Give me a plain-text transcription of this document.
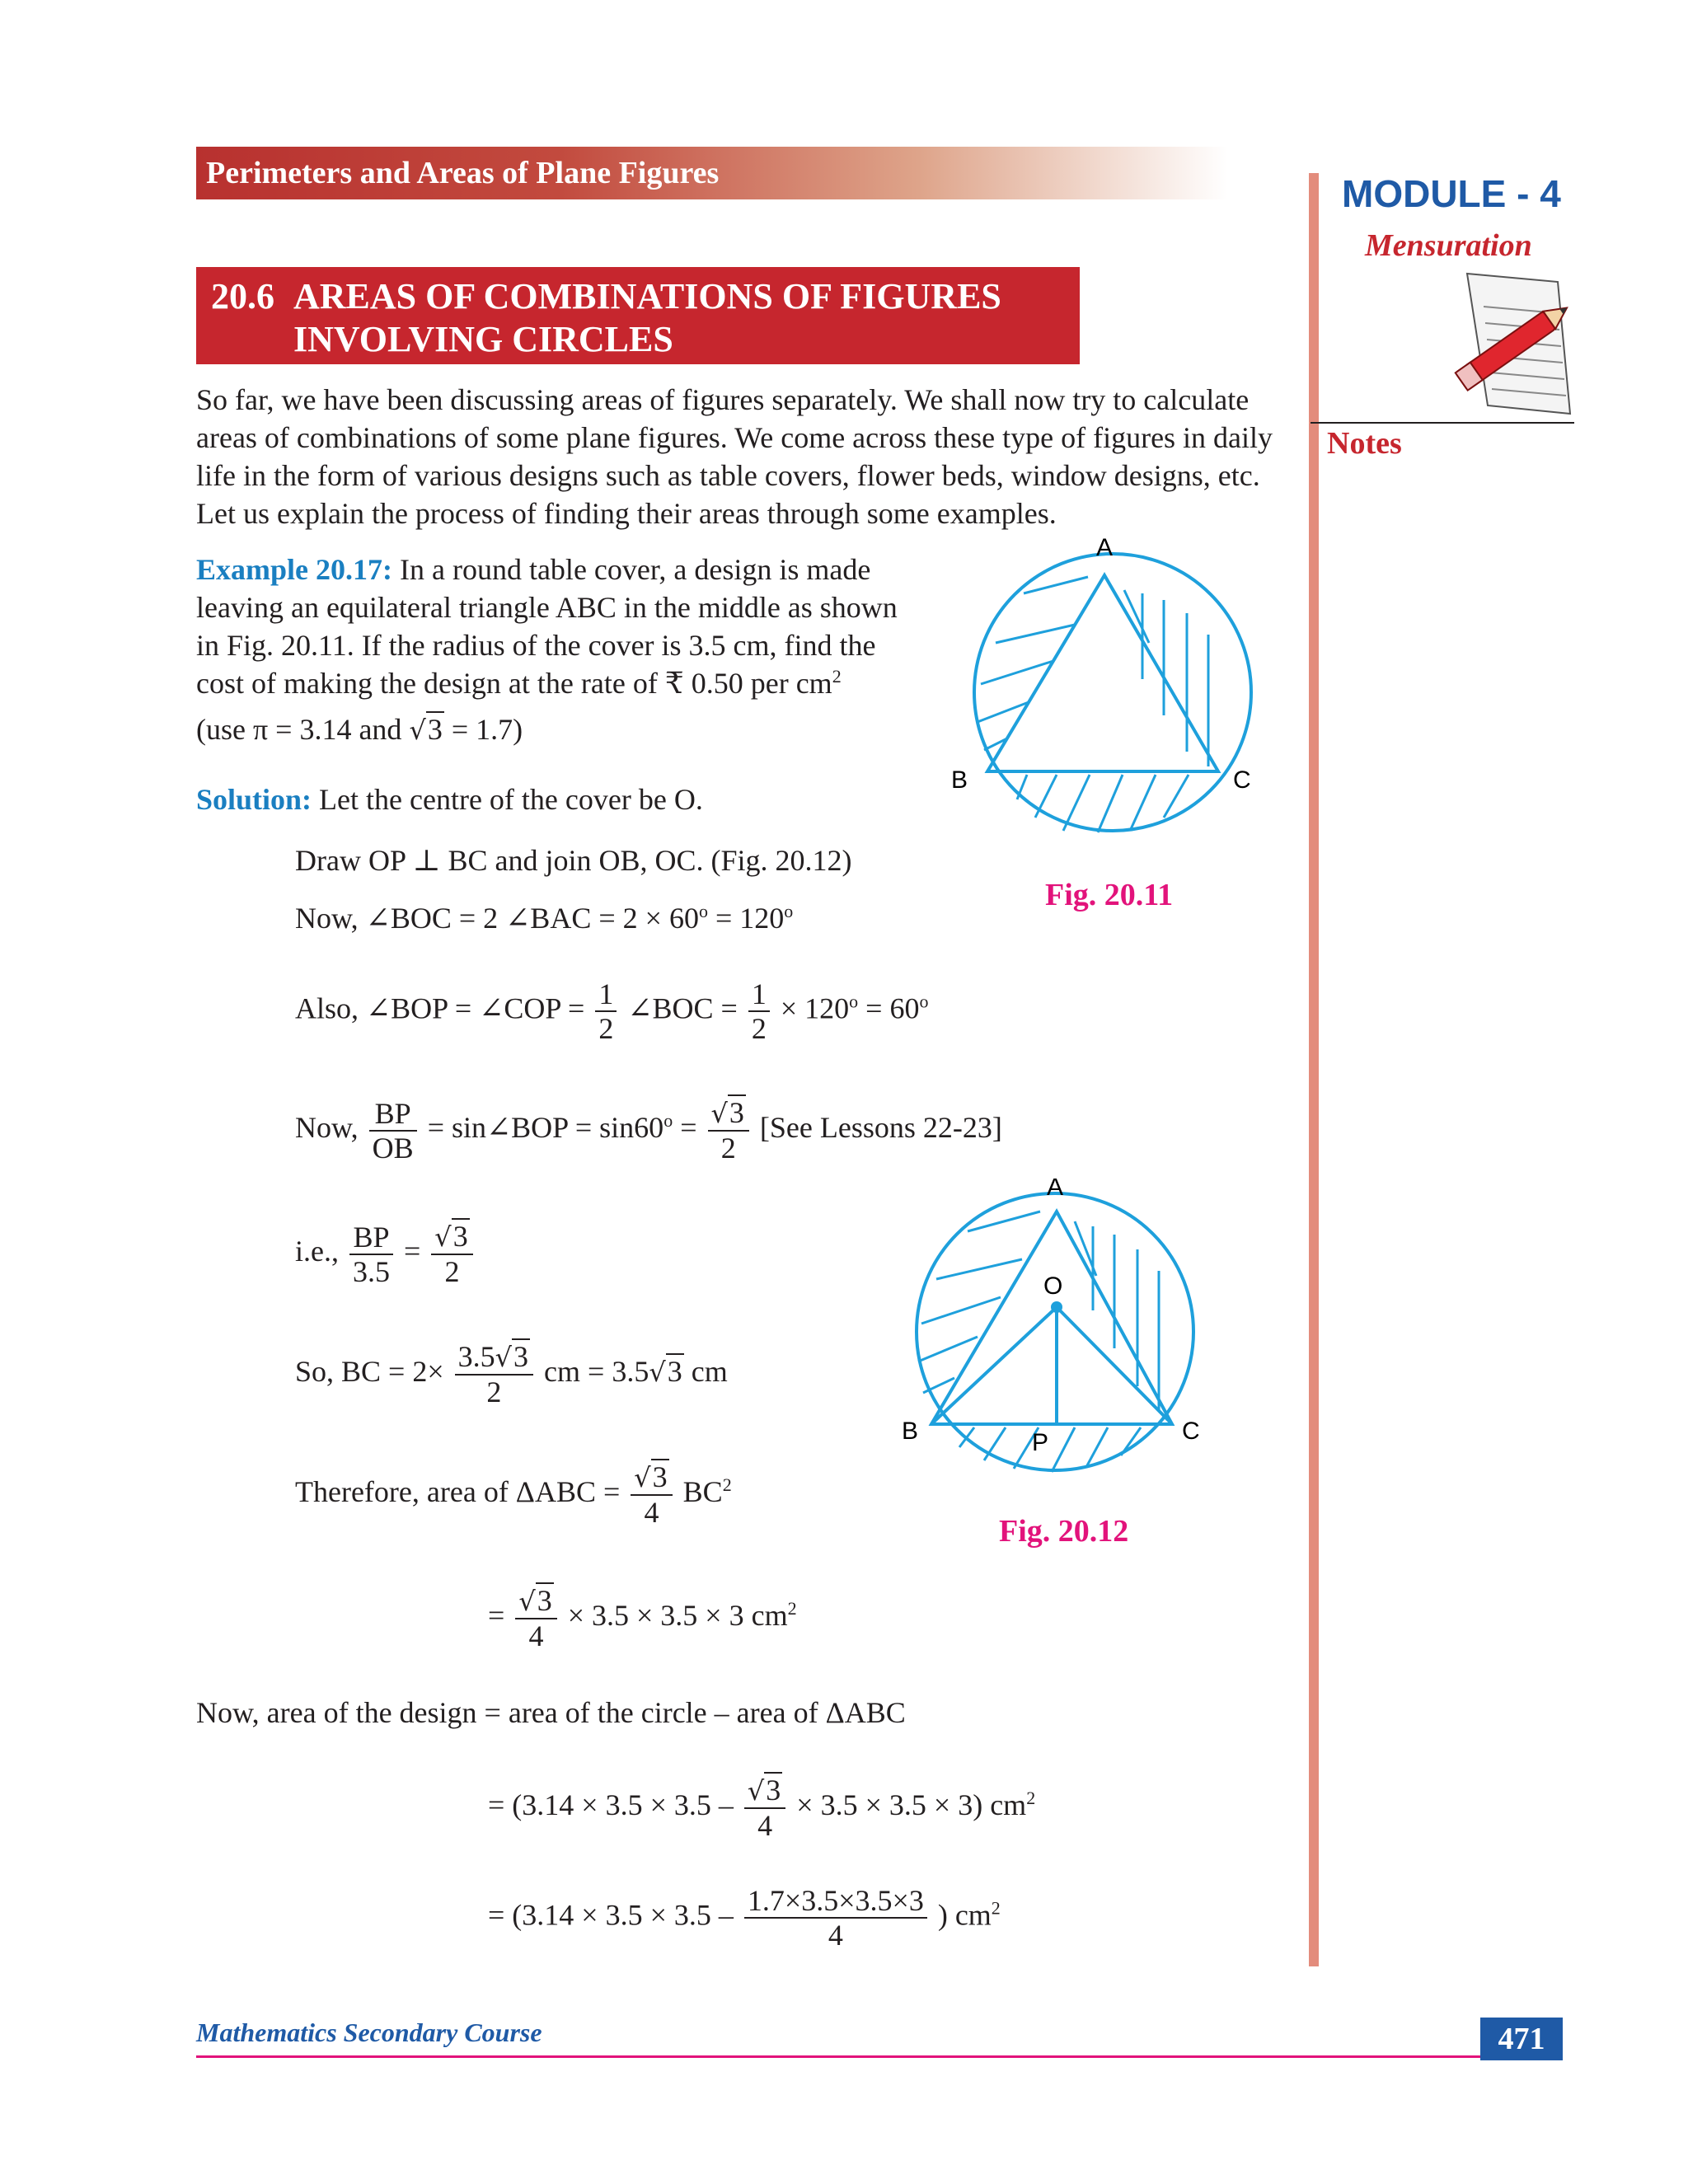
Perimeters and Areas of Plane Figures	MODULE - 4
Mensuration
Notes
20.6 AREAS OF COMBINATIONS OF FIGURES
INVOLVING CIRCLES
So far, we have been discussing areas of figures separately. We shall now try to calculate
areas of combinations of some plane figures. We come across these type of figures in daily
life in the form of various designs such as table covers, flower beds, window designs, etc.
Let us explain the process of finding their areas through some examples.
Example 20.17: In a round table cover, a design is made
leaving an equilateral triangle ABC in the middle as shown
in Fig. 20.11. If the radius of the cover is 3.5 cm, find the
cost of making the design at the rate of ₹ 0.50 per $cm^2$
(use π = 3.14 and √3 = 1.7)
Solution: Let the centre of the cover be O.
Draw OP ⊥ BC and join OB, OC. (Fig. 20.12)
Now, ∠BOC = 2 ∠BAC = $2 \times 60^o = 120^o$
Also, ∠BOP = ∠COP = $\frac{1}{2}$ ∠BOC = $\frac{1}{2} \times 120^o = 60^o$
Now, $\frac{BP}{OB}$ = sin∠BOP = $\sin 60^o = \frac{√3}{2} [See$ Lessons 22-23]
i.e., $\frac{BP}{3.5} = \frac{√3}{2}$
So, BC = $2\times \frac{3.5√3}{2}$ cm = 3.5√3 cm
Therefore, area of $\Delta ABC = \frac{√3}{4} BC^2$
= $\frac{√3}{4} \times 3.5 \times 3.5 \times 3$ $cm^2$
Now, area of the design = area of the circle – area of ΔABC
= $(3.14 \times 3.5 \times 3.5 - \frac{√3}{4} \times 3.5 \times 3.5 \times 3)$ $cm^2$
= ($3.14 \times 3.5 \times 3.5 - \frac{1.7\times 3.5\times 3.5\times 3}{4}$ ) $cm^2$
A
B	C
Fig. 20.11
A
O
B	C
P
Fig. 20.12
Mathematics Secondary Course	471
